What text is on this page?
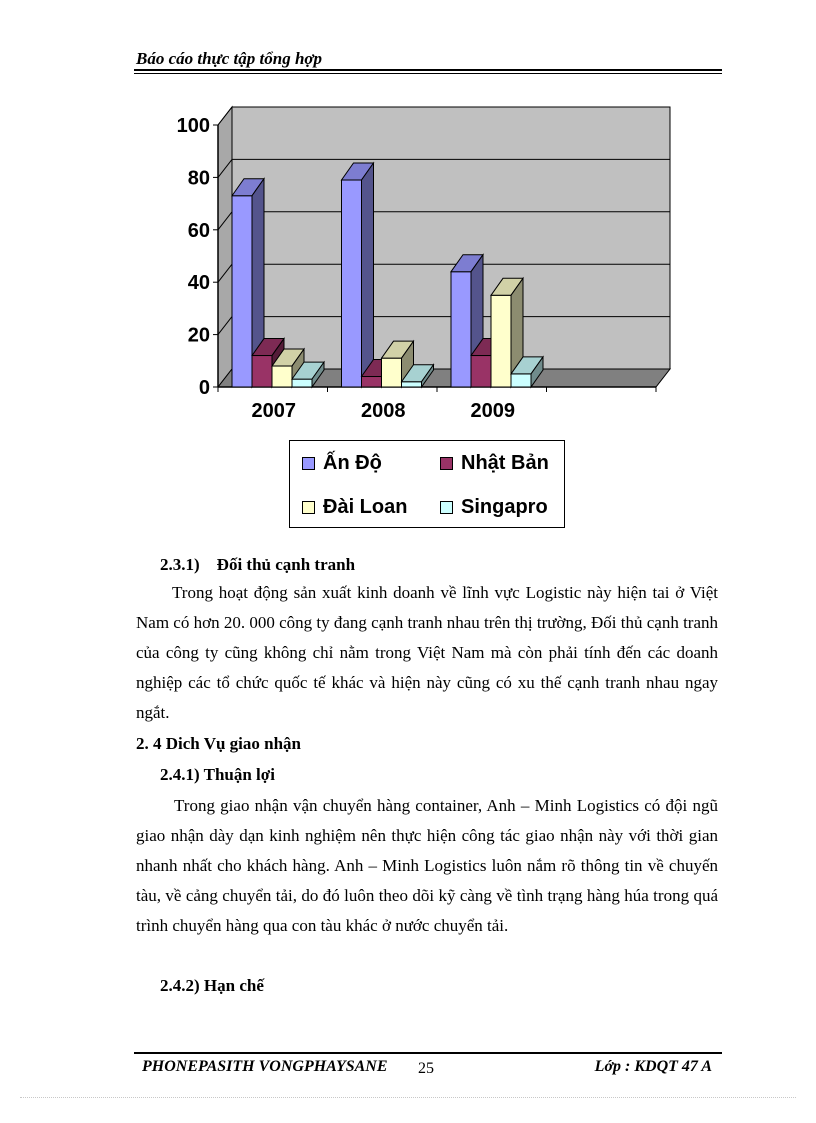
Báo cáo thực tập tổng hợp
0
20
40
60
80
100
2007	2008	2009
Ấn Độ	Nhật Bản
Đài Loan	Singapro
2.3.1)    Đối thủ cạnh tranh
Trong hoạt động sản xuất kinh doanh về lĩnh vực Logistic này hiện tai ở Việt Nam có hơn 20. 000 công ty đang cạnh tranh nhau trên thị trường, Đối thủ cạnh tranh của công ty cũng không chỉ nằm trong Việt Nam mà còn phải tính đến các doanh nghiệp các tổ chức quốc tế khác và hiện này cũng có xu thế cạnh tranh nhau ngay ngắt.
2. 4 Dich Vụ giao nhận
2.4.1) Thuận lợi
Trong giao nhận vận chuyển hàng container, Anh – Minh Logistics có đội ngũ giao nhận dày dạn kinh nghiệm nên thực hiện công tác giao nhận này với thời gian nhanh nhất cho khách hàng. Anh – Minh Logistics luôn nắm rõ thông tin về chuyến tàu, về cảng chuyển tải, do đó luôn theo dõi kỹ càng về tình trạng hàng húa trong quá trình chuyển hàng qua con tàu khác ở nước chuyển tải.
2.4.2) Hạn chế
PHONEPASITH VONGPHAYSANE 25	Lớp : KDQT 47 A
